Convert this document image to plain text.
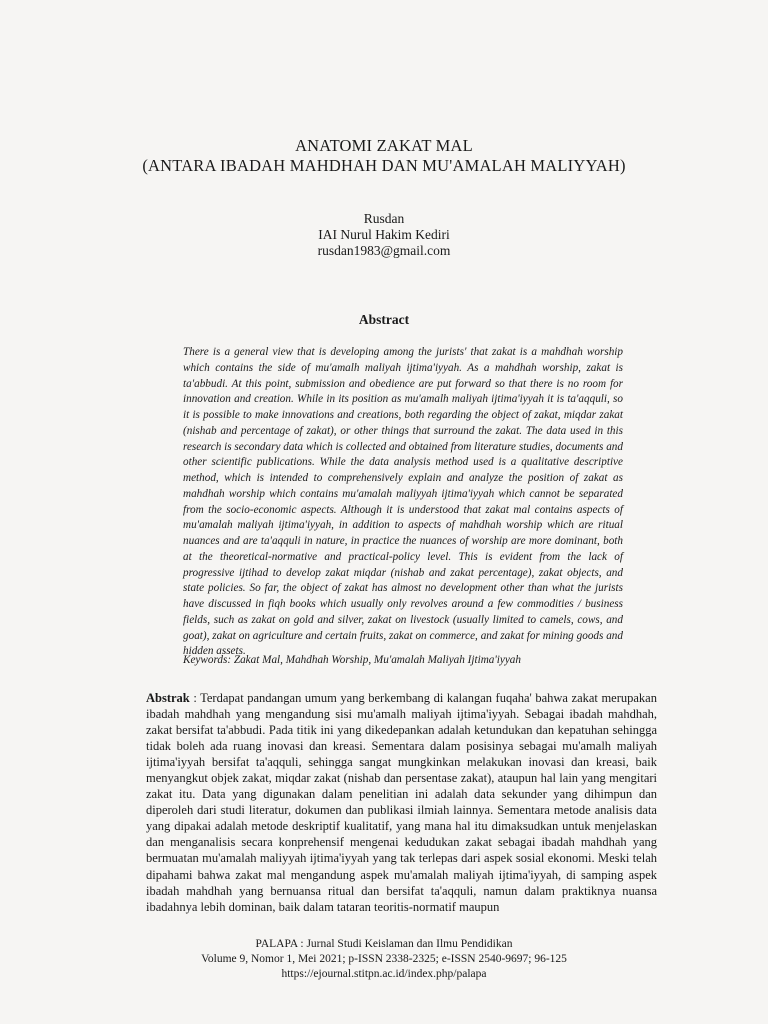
ANATOMI ZAKAT MAL
(ANTARA IBADAH MAHDHAH DAN MU'AMALAH MALIYYAH)
Rusdan
IAI Nurul Hakim Kediri
rusdan1983@gmail.com
Abstract

There is a general view that is developing among the jurists' that zakat is a mahdhah worship which contains the side of mu'amalh maliyah ijtima'iyyah. As a mahdhah worship, zakat is ta'abbudi. At this point, submission and obedience are put forward so that there is no room for innovation and creation. While in its position as mu'amalh maliyah ijtima'iyyah it is ta'aqquli, so it is possible to make innovations and creations, both regarding the object of zakat, miqdar zakat (nishab and percentage of zakat), or other things that surround the zakat. The data used in this research is secondary data which is collected and obtained from literature studies, documents and other scientific publications. While the data analysis method used is a qualitative descriptive method, which is intended to comprehensively explain and analyze the position of zakat as mahdhah worship which contains mu'amalah maliyyah ijtima'iyyah which cannot be separated from the socio-economic aspects. Although it is understood that zakat mal contains aspects of mu'amalah maliyah ijtima'iyyah, in addition to aspects of mahdhah worship which are ritual nuances and are ta'aqquli in nature, in practice the nuances of worship are more dominant, both at the theoretical-normative and practical-policy level. This is evident from the lack of progressive ijtihad to develop zakat miqdar (nishab and zakat percentage), zakat objects, and state policies. So far, the object of zakat has almost no development other than what the jurists have discussed in fiqh books which usually only revolves around a few commodities / business fields, such as zakat on gold and silver, zakat on livestock (usually limited to camels, cows, and goat), zakat on agriculture and certain fruits, zakat on commerce, and zakat for mining goods and hidden assets.

Keywords: Zakat Mal, Mahdhah Worship, Mu'amalah Maliyah Ijtima'iyyah

Abstrak : Terdapat pandangan umum yang berkembang di kalangan fuqaha' bahwa zakat merupakan ibadah mahdhah yang mengandung sisi mu'amalh maliyah ijtima'iyyah. Sebagai ibadah mahdhah, zakat bersifat ta'abbudi. Pada titik ini yang dikedepankan adalah ketundukan dan kepatuhan sehingga tidak boleh ada ruang inovasi dan kreasi. Sementara dalam posisinya sebagai mu'amalh maliyah ijtima'iyyah bersifat ta'aqquli, sehingga sangat mungkinkan melakukan inovasi dan kreasi, baik menyangkut objek zakat, miqdar zakat (nishab dan persentase zakat), ataupun hal lain yang mengitari zakat itu. Data yang digunakan dalam penelitian ini adalah data sekunder yang dihimpun dan diperoleh dari studi literatur, dokumen dan publikasi ilmiah lainnya. Sementara metode analisis data yang dipakai adalah metode deskriptif kualitatif, yang mana hal itu dimaksudkan untuk menjelaskan dan menganalisis secara konprehensif mengenai kedudukan zakat sebagai ibadah mahdhah yang bermuatan mu'amalah maliyyah ijtima'iyyah yang tak terlepas dari aspek sosial ekonomi. Meski telah dipahami bahwa zakat mal mengandung aspek mu'amalah maliyah ijtima'iyyah, di samping aspek ibadah mahdhah yang bernuansa ritual dan bersifat ta'aqquli, namun dalam praktiknya nuansa ibadahnya lebih dominan, baik dalam tataran teoritis-normatif maupun

PALAPA : Jurnal Studi Keislaman dan Ilmu Pendidikan
Volume 9, Nomor 1, Mei 2021; p-ISSN 2338-2325; e-ISSN 2540-9697; 96-125
https://ejournal.stitpn.ac.id/index.php/palapa
